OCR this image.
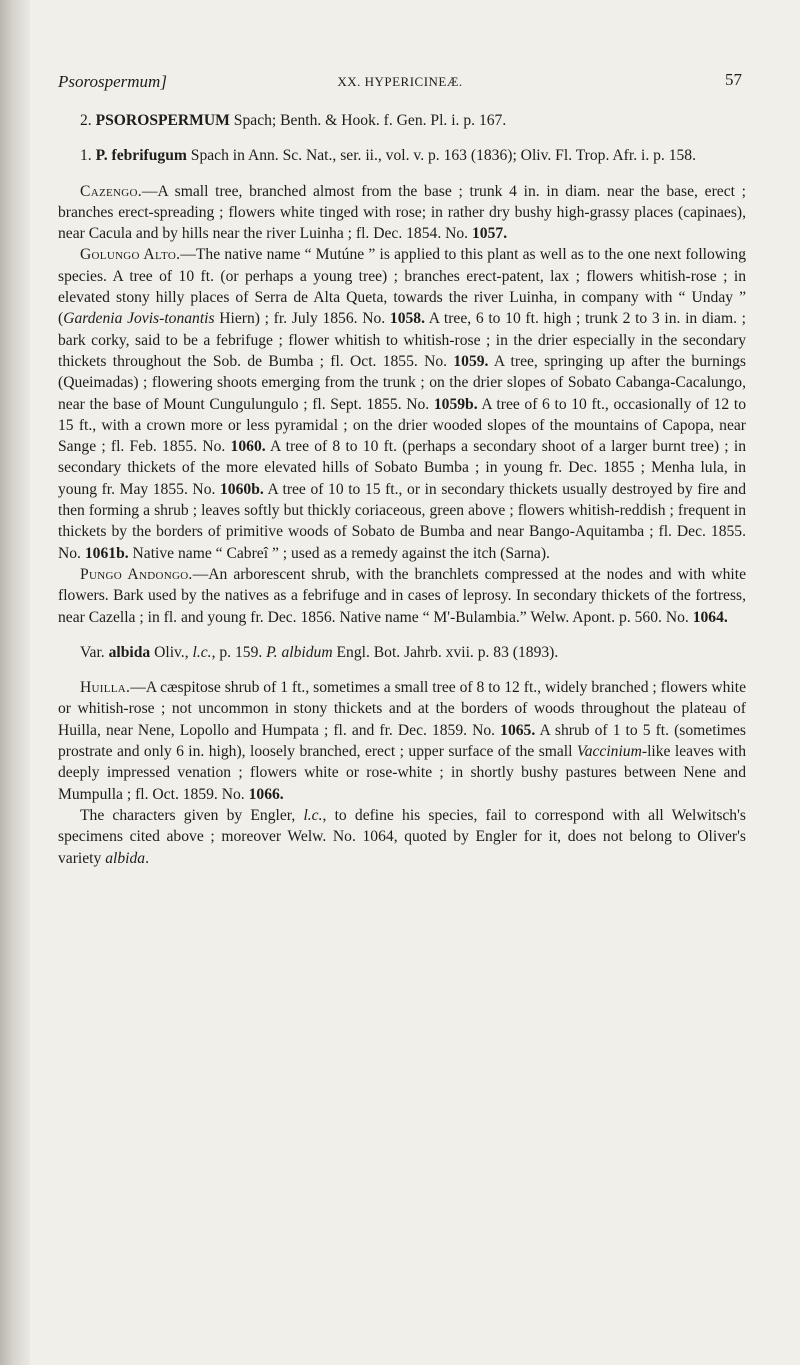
Psorospermum]	XX. HYPERICINEÆ.	57

2. PSOROSPERMUM Spach; Benth. & Hook. f. Gen. Pl. i. p. 167.

1. P. febrifugum Spach in Ann. Sc. Nat., ser. ii., vol. v. p. 163 (1836); Oliv. Fl. Trop. Afr. i. p. 158.

Cazengo.—A small tree, branched almost from the base ; trunk 4 in. in diam. near the base, erect ; branches erect-spreading ; flowers white tinged with rose; in rather dry bushy high-grassy places (capinaes), near Cacula and by hills near the river Luinha ; fl. Dec. 1854. No. 1057.

Golungo Alto.—The native name “ Mutúne ” is applied to this plant as well as to the one next following species. A tree of 10 ft. (or perhaps a young tree) ; branches erect-patent, lax ; flowers whitish-rose ; in elevated stony hilly places of Serra de Alta Queta, towards the river Luinha, in company with “ Unday ” (Gardenia Jovis-tonantis Hiern) ; fr. July 1856. No. 1058. A tree, 6 to 10 ft. high ; trunk 2 to 3 in. in diam. ; bark corky, said to be a febrifuge ; flower whitish to whitish-rose ; in the drier especially in the secondary thickets throughout the Sob. de Bumba ; fl. Oct. 1855. No. 1059. A tree, springing up after the burnings (Queimadas) ; flowering shoots emerging from the trunk ; on the drier slopes of Sobato Cabanga-Cacalungo, near the base of Mount Cungulungulo ; fl. Sept. 1855. No. 1059b. A tree of 6 to 10 ft., occasionally of 12 to 15 ft., with a crown more or less pyramidal ; on the drier wooded slopes of the mountains of Capopa, near Sange ; fl. Feb. 1855. No. 1060. A tree of 8 to 10 ft. (perhaps a secondary shoot of a larger burnt tree) ; in secondary thickets of the more elevated hills of Sobato Bumba ; in young fr. Dec. 1855 ; Menha lula, in young fr. May 1855. No. 1060b. A tree of 10 to 15 ft., or in secondary thickets usually destroyed by fire and then forming a shrub ; leaves softly but thickly coriaceous, green above ; flowers whitish-reddish ; frequent in thickets by the borders of primitive woods of Sobato de Bumba and near Bango-Aquitamba ; fl. Dec. 1855. No. 1061b. Native name “ Cabreî ” ; used as a remedy against the itch (Sarna).

Pungo Andongo.—An arborescent shrub, with the branchlets compressed at the nodes and with white flowers. Bark used by the natives as a febrifuge and in cases of leprosy. In secondary thickets of the fortress, near Cazella ; in fl. and young fr. Dec. 1856. Native name “ M'-Bulambia.” Welw. Apont. p. 560. No. 1064.

Var. albida Oliv., l.c., p. 159. P. albidum Engl. Bot. Jahrb. xvii. p. 83 (1893).

Huilla.—A cæspitose shrub of 1 ft., sometimes a small tree of 8 to 12 ft., widely branched ; flowers white or whitish-rose ; not uncommon in stony thickets and at the borders of woods throughout the plateau of Huilla, near Nene, Lopollo and Humpata ; fl. and fr. Dec. 1859. No. 1065. A shrub of 1 to 5 ft. (sometimes prostrate and only 6 in. high), loosely branched, erect ; upper surface of the small Vaccinium-like leaves with deeply impressed venation ; flowers white or rose-white ; in shortly bushy pastures between Nene and Mumpulla ; fl. Oct. 1859. No. 1066.

The characters given by Engler, l.c., to define his species, fail to correspond with all Welwitsch's specimens cited above ; moreover Welw. No. 1064, quoted by Engler for it, does not belong to Oliver's variety albida.
